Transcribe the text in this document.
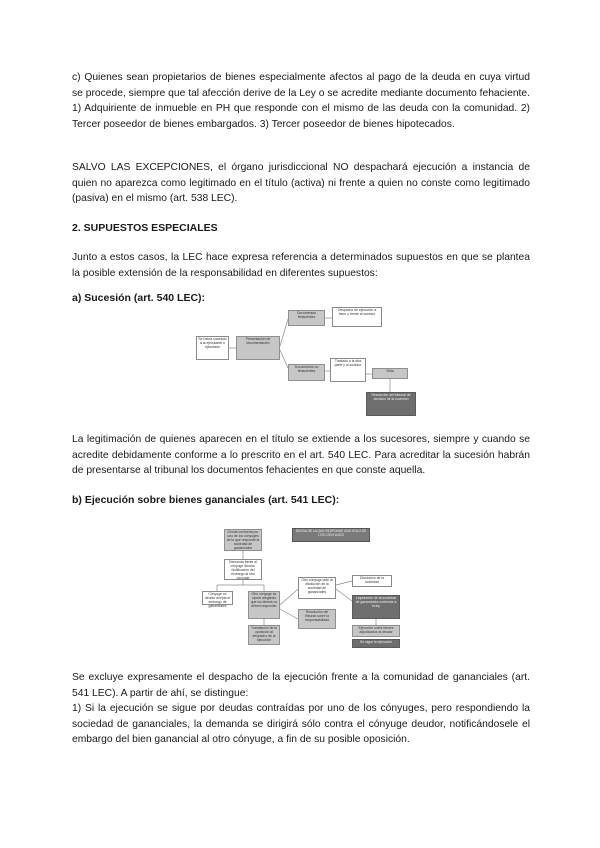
c) Quienes sean propietarios de bienes especialmente afectos al pago de la deuda en cuya virtud se procede, siempre que tal afección derive de la Ley o se acredite mediante documento fehaciente. 1) Adquiriente de inmueble en PH que responde con el mismo de las deuda con la comunidad. 2) Tercer poseedor de bienes embargados. 3) Tercer poseedor de bienes hipotecados.

SALVO LAS EXCEPCIONES, el órgano jurisdiccional NO despachará ejecución a instancia de quien no aparezca como legitimado en el título (activa) ni frente a quien no conste como legitimado (pasiva) en el mismo (art. 538 LEC).

2. SUPUESTOS ESPECIALES

Junto a estos casos, la LEC hace expresa referencia a determinados supuestos en que se plantea la posible extensión de la responsabilidad en diferentes supuestos:

a) Sucesión (art. 540 LEC):

Se habrá sucedido a la ejecutante o ejecutado
Presentación de documentación
Documentos fehacientes
Despacho de ejecución a favor o frente al sucesor
Documentos no fehacientes
Traslado a la otra parte y al sucesor
Vista
Resolución del tribunal de decisión de la sucesión

La legitimación de quienes aparecen en el título se extiende a los sucesores, siempre y cuando se acredite debidamente conforme a lo prescrito en el art. 540 LEC. Para acreditar la sucesión habrán de presentarse al tribunal los documentos fehacientes en que conste aquella.

b) Ejecución sobre bienes gananciales (art. 541 LEC):

DEUDA DE LA QUE RESPONDE UNO SOLO DE LOS CÓNYUGES
Deuda contraída por uno de los cónyuges de la que responde la sociedad de gananciales
Demanda frente al cónyuge deudor. Notificación del embargo al otro cónyuge
Cónyuge no deudor acepta el embargo de gananciales
Otro cónyuge se opone alegando que los bienes no deben responder
Tramitación de la oposición al despacho de la ejecución
Otro cónyuge pide la disolución de la sociedad de gananciales
Resolución del tribunal sobre la responsabilidad
Disolución de la sociedad
Liquidación de la sociedad de gananciales conforme a la ley
Ejecución sobre bienes adjudicados al deudor
Se sigue la ejecución

Se excluye expresamente el despacho de la ejecución frente a la comunidad de gananciales (art. 541 LEC). A partir de ahí, se distingue:

1) Si la ejecución se sigue por deudas contraídas por uno de los cónyuges, pero respondiendo la sociedad de gananciales, la demanda se dirigirá sólo contra el cónyuge deudor, notificándosele el embargo del bien ganancial al otro cónyuge, a fin de su posible oposición.
